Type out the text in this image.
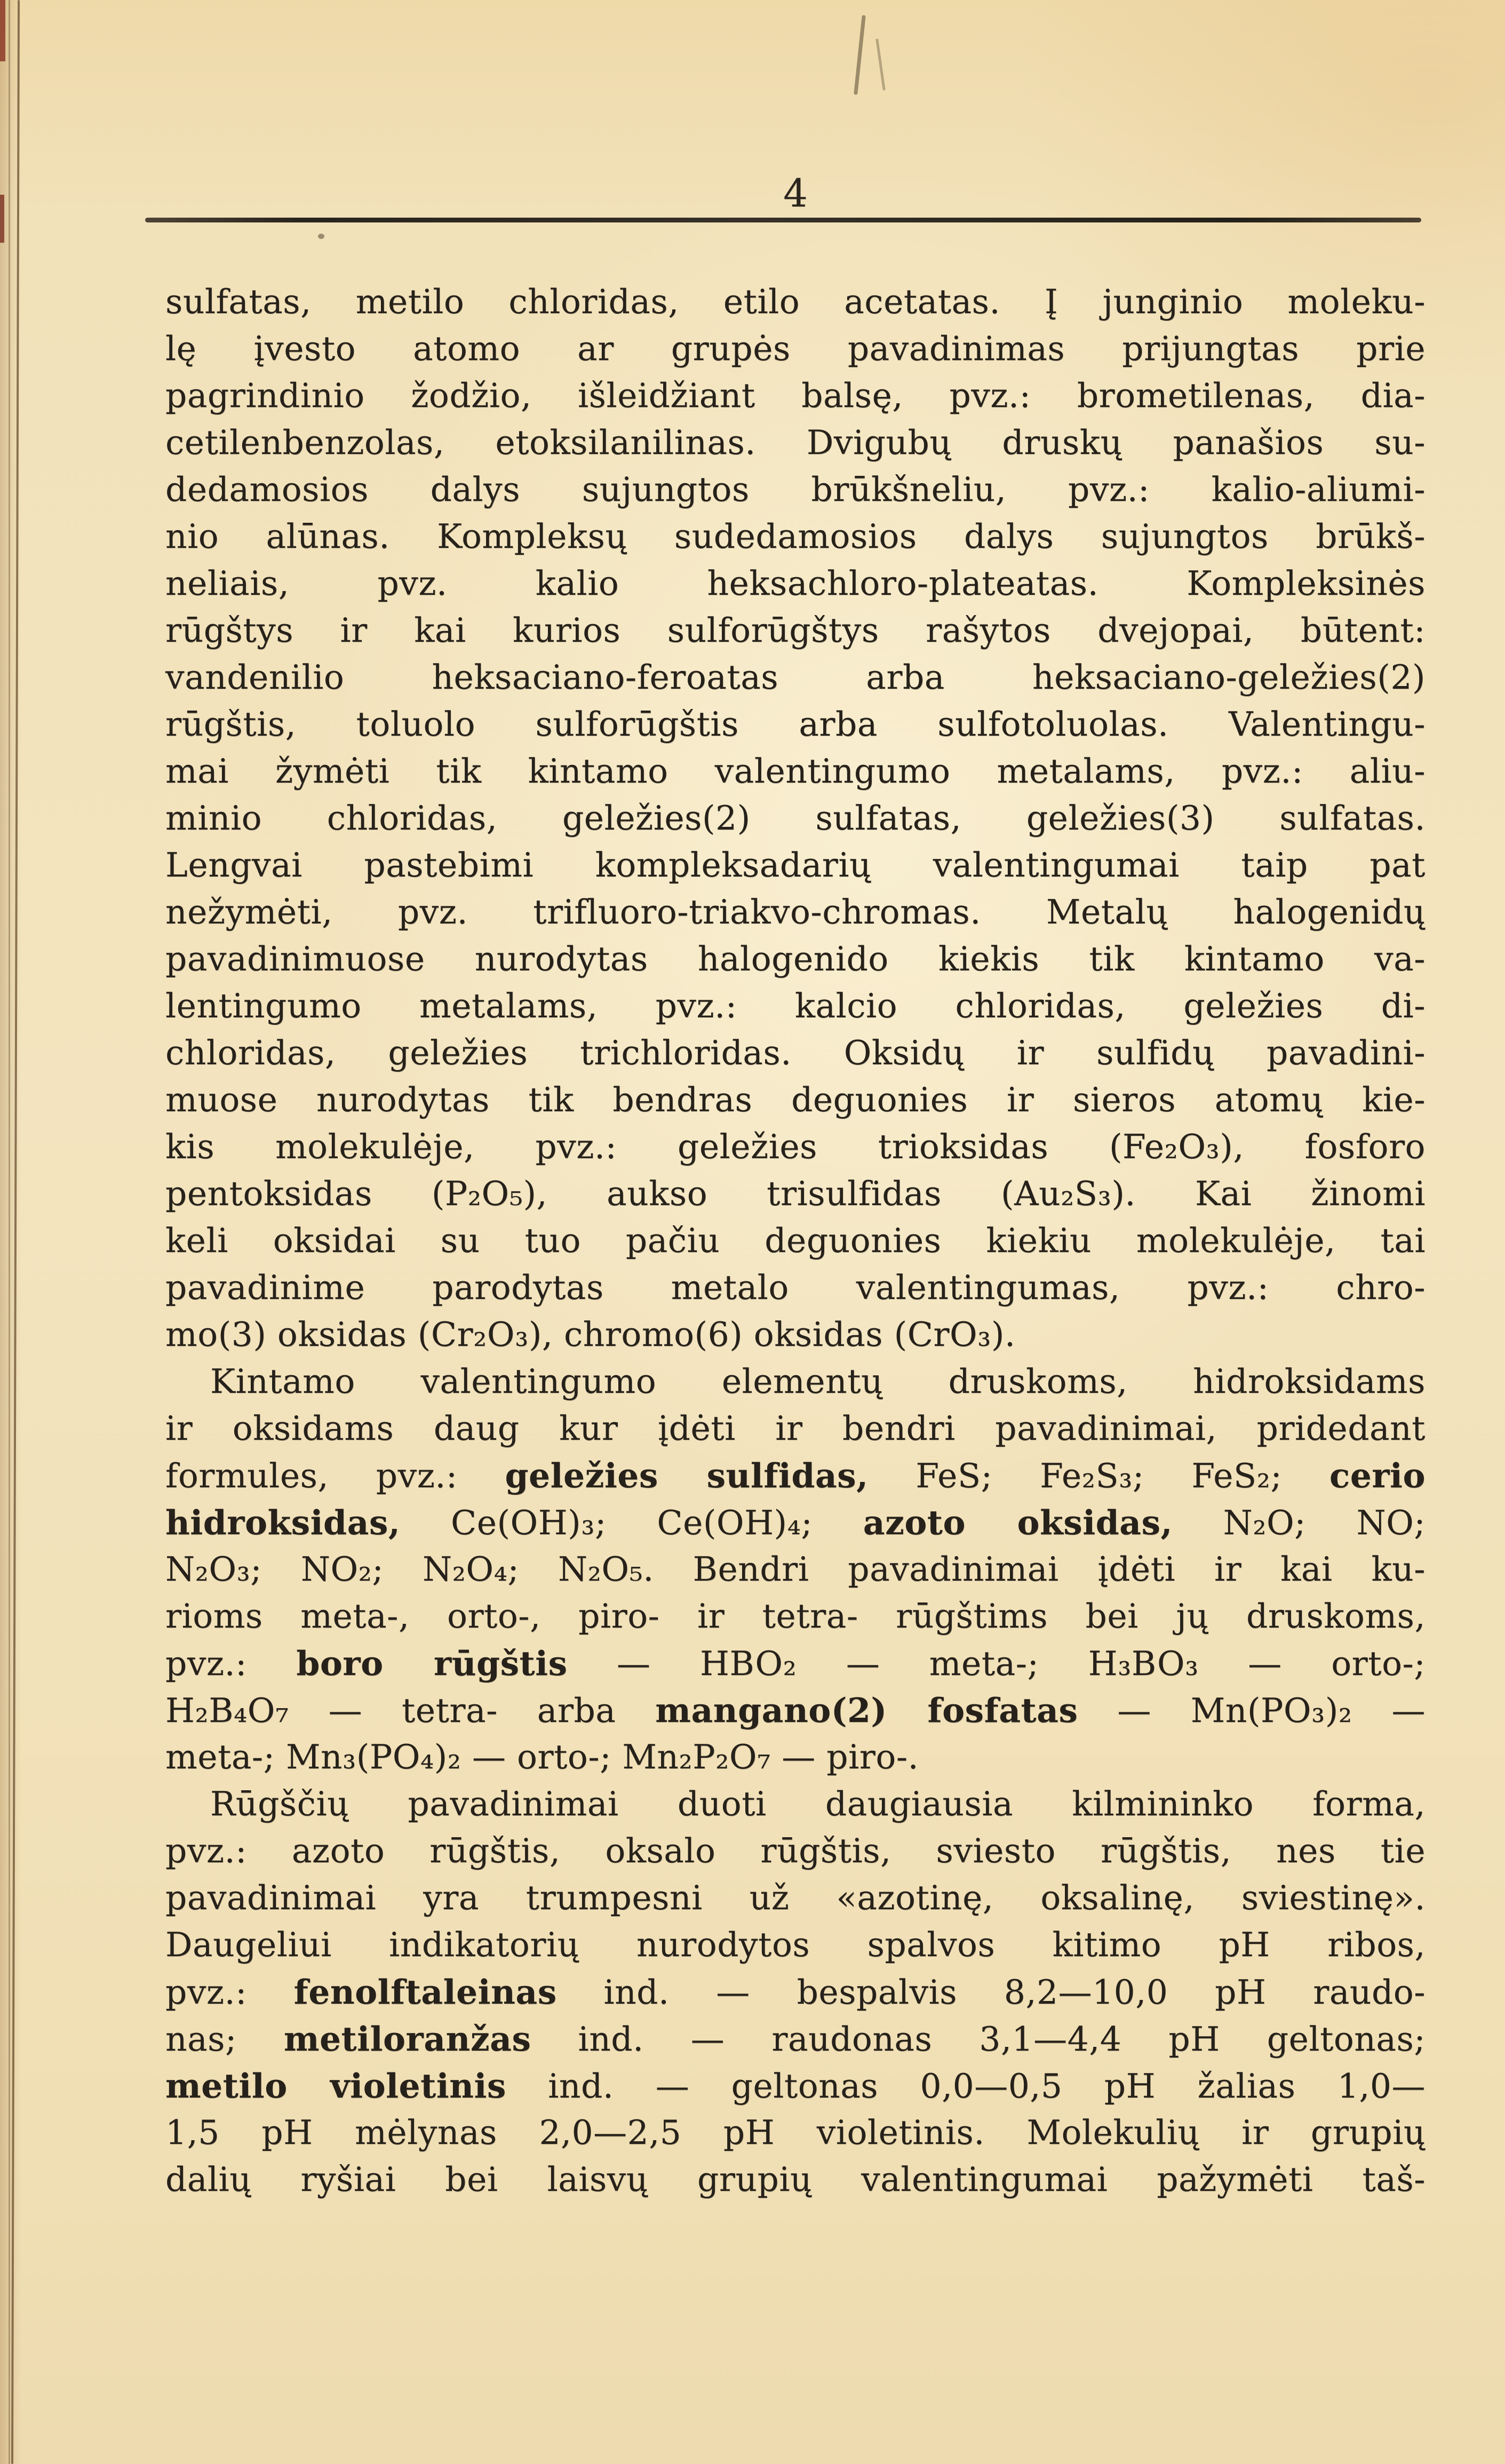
4
sulfatas, metilo chloridas, etilo acetatas. Į junginio moleku-
lę įvesto atomo ar grupės pavadinimas prijungtas prie
pagrindinio žodžio, išleidžiant balsę, pvz.: brometilenas, dia-
cetilenbenzolas, etoksilanilinas. Dvigubų druskų panašios su-
dedamosios dalys sujungtos brūkšneliu, pvz.: kalio-aliumi-
nio alūnas. Kompleksų sudedamosios dalys sujungtos brūkš-
neliais, pvz. kalio heksachloro-plateatas. Kompleksinės
rūgštys ir kai kurios sulforūgštys rašytos dvejopai, būtent:
vandenilio heksaciano-feroatas arba heksaciano-geležies(2)
rūgštis, toluolo sulforūgštis arba sulfotoluolas. Valentingu-
mai žymėti tik kintamo valentingumo metalams, pvz.: aliu-
minio chloridas, geležies(2) sulfatas, geležies(3) sulfatas.
Lengvai pastebimi kompleksadarių valentingumai taip pat
nežymėti, pvz. trifluoro-triakvo-chromas. Metalų halogenidų
pavadinimuose nurodytas halogenido kiekis tik kintamo va-
lentingumo metalams, pvz.: kalcio chloridas, geležies di-
chloridas, geležies trichloridas. Oksidų ir sulfidų pavadini-
muose nurodytas tik bendras deguonies ir sieros atomų kie-
kis molekulėje, pvz.: geležies trioksidas (Fe₂O₃), fosforo
pentoksidas (P₂O₅), aukso trisulfidas (Au₂S₃). Kai žinomi
keli oksidai su tuo pačiu deguonies kiekiu molekulėje, tai
pavadinime parodytas metalo valentingumas, pvz.: chro-
mo(3) oksidas (Cr₂O₃), chromo(6) oksidas (CrO₃).
Kintamo valentingumo elementų druskoms, hidroksidams
ir oksidams daug kur įdėti ir bendri pavadinimai, pridedant
formules, pvz.: geležies sulfidas, FeS; Fe₂S₃; FeS₂; cerio
hidroksidas, Ce(OH)₃; Ce(OH)₄; azoto oksidas, N₂O; NO;
N₂O₃; NO₂; N₂O₄; N₂O₅. Bendri pavadinimai įdėti ir kai ku-
rioms meta-, orto-, piro- ir tetra- rūgštims bei jų druskoms,
pvz.: boro rūgštis — HBO₂ — meta-; H₃BO₃ — orto-;
H₂B₄O₇ — tetra- arba mangano(2) fosfatas — Mn(PO₃)₂ —
meta-; Mn₃(PO₄)₂ — orto-; Mn₂P₂O₇ — piro-.
Rūgščių pavadinimai duoti daugiausia kilmininko forma,
pvz.: azoto rūgštis, oksalo rūgštis, sviesto rūgštis, nes tie
pavadinimai yra trumpesni už «azotinę, oksalinę, sviestinę».
Daugeliui indikatorių nurodytos spalvos kitimo pH ribos,
pvz.: fenolftaleinas ind. — bespalvis 8,2—10,0 pH raudo-
nas; metiloranžas ind. — raudonas 3,1—4,4 pH geltonas;
metilo violetinis ind. — geltonas 0,0—0,5 pH žalias 1,0—
1,5 pH mėlynas 2,0—2,5 pH violetinis. Molekulių ir grupių
dalių ryšiai bei laisvų grupių valentingumai pažymėti taš-
